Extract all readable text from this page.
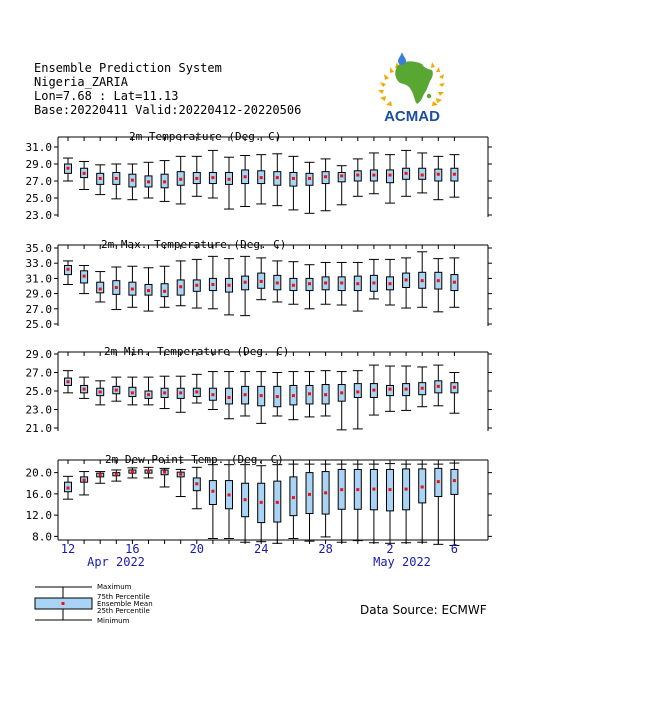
Ensemble Prediction System
Nigeria_ZARIA
Lon=7.68 : Lat=11.13
Base:20220411 Valid:20220412-20220506	ACMAD
2m Temperature (Deg. C)
31.0
29.0
27.0
25.0
23.0
2m Max. Temperature (Deg. C)
35.0
33.0
31.0
29.0
27.0
25.0
2m Min. Temperature (Deg. C)
29.0
27.0
25.0
23.0
21.0
2m Dew Point Temp. (Deg. C)
20.0
16.0
12.0
8.0
12	16	20	24	28	2	6
Apr 2022	May 2022
Maximum
75th Percentile
Ensemble Mean
25th Percentile
Minimum
Data Source: ECMWF
